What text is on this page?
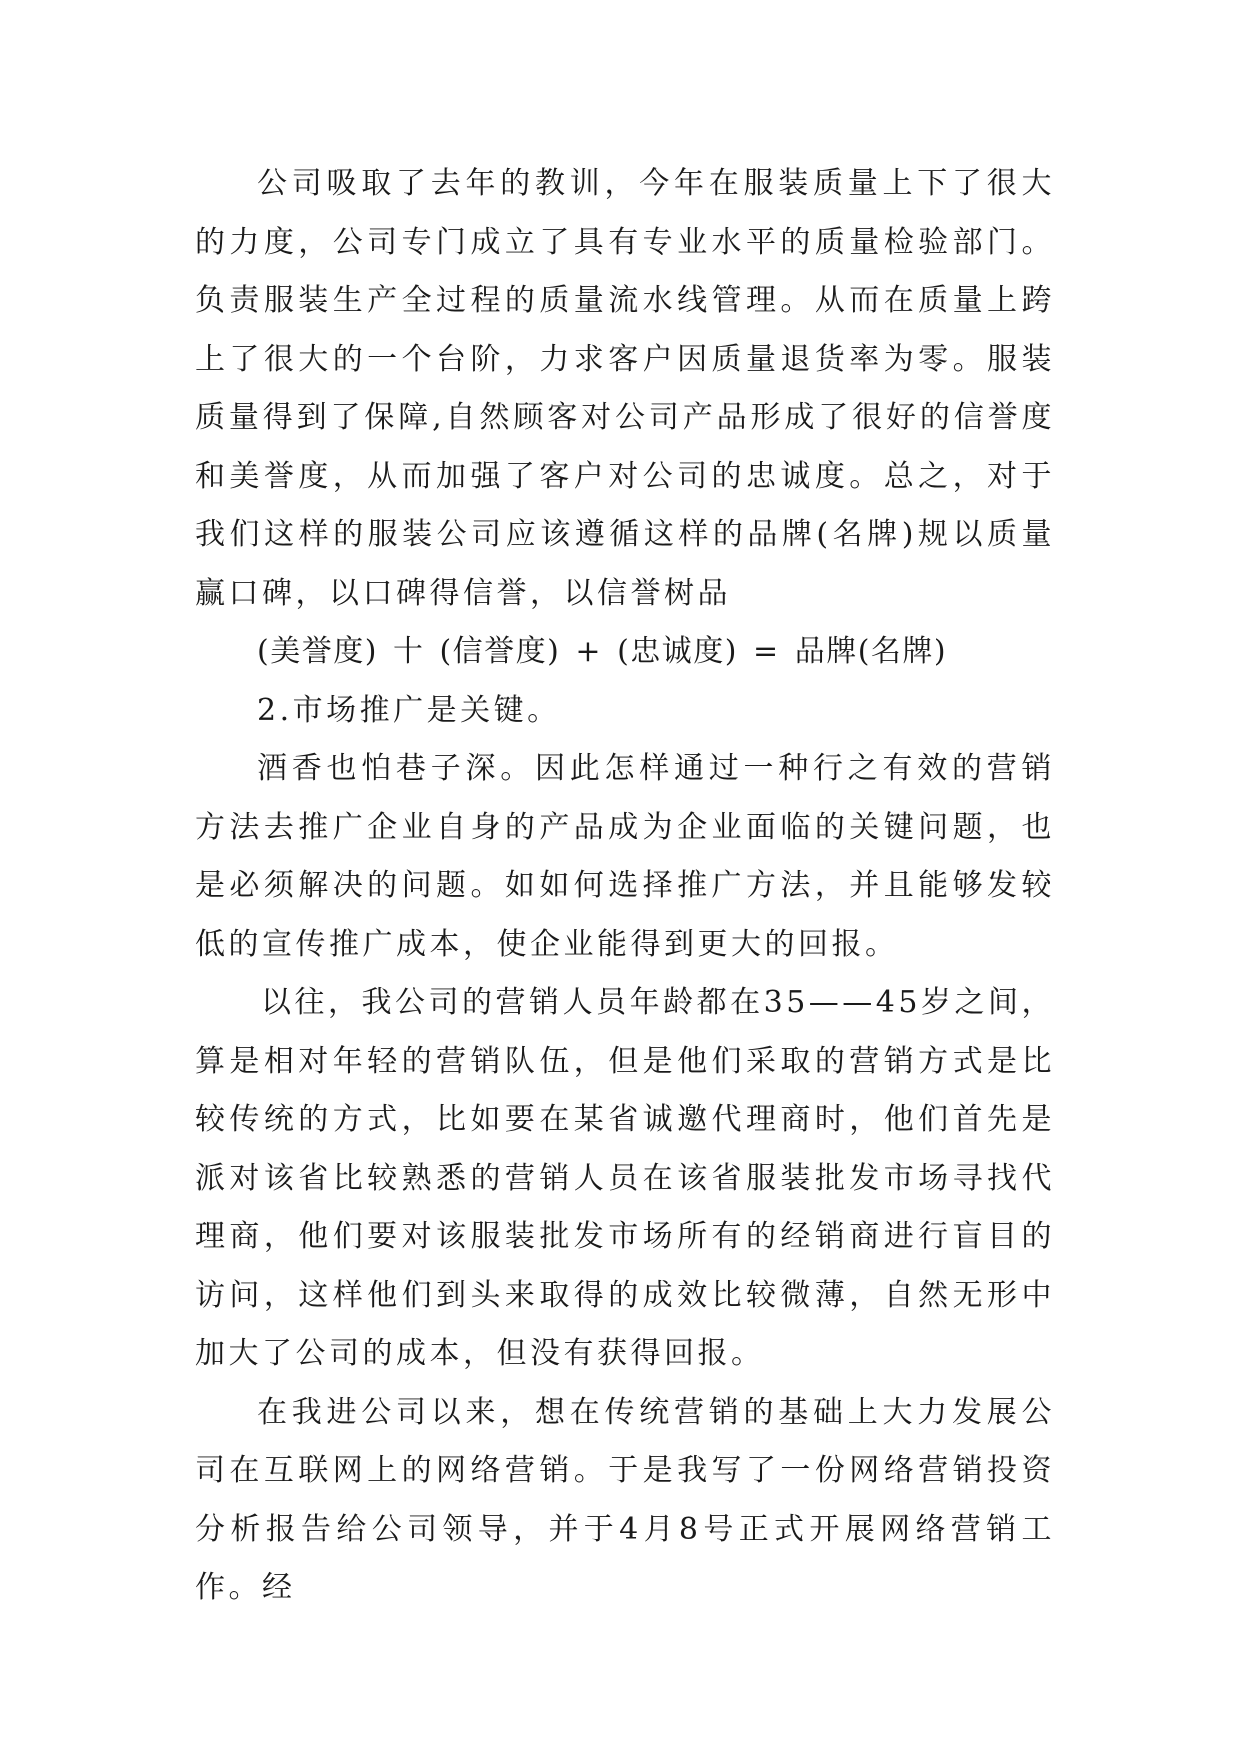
公司吸取了去年的教训，今年在服装质量上下了很大的力度，公司专门成立了具有专业水平的质量检验部门。负责服装生产全过程的质量流水线管理。从而在质量上跨上了很大的一个台阶，力求客户因质量退货率为零。服装质量得到了保障,自然顾客对公司产品形成了很好的信誉度和美誉度，从而加强了客户对公司的忠诚度。总之，对于我们这样的服装公司应该遵循这样的品牌(名牌)规以质量赢口碑，以口碑得信誉，以信誉树品

(美誉度) 十 (信誉度) + (忠诚度) = 品牌(名牌)

2.市场推广是关键。

酒香也怕巷子深。因此怎样通过一种行之有效的营销方法去推广企业自身的产品成为企业面临的关键问题，也是必须解决的问题。如如何选择推广方法，并且能够发较低的宣传推广成本，使企业能得到更大的回报。

以往，我公司的营销人员年龄都在35——45岁之间，算是相对年轻的营销队伍，但是他们采取的营销方式是比较传统的方式，比如要在某省诚邀代理商时，他们首先是派对该省比较熟悉的营销人员在该省服装批发市场寻找代理商，他们要对该服装批发市场所有的经销商进行盲目的访问，这样他们到头来取得的成效比较微薄，自然无形中加大了公司的成本，但没有获得回报。

在我进公司以来，想在传统营销的基础上大力发展公司在互联网上的网络营销。于是我写了一份网络营销投资分析报告给公司领导，并于4月8号正式开展网络营销工作。经
